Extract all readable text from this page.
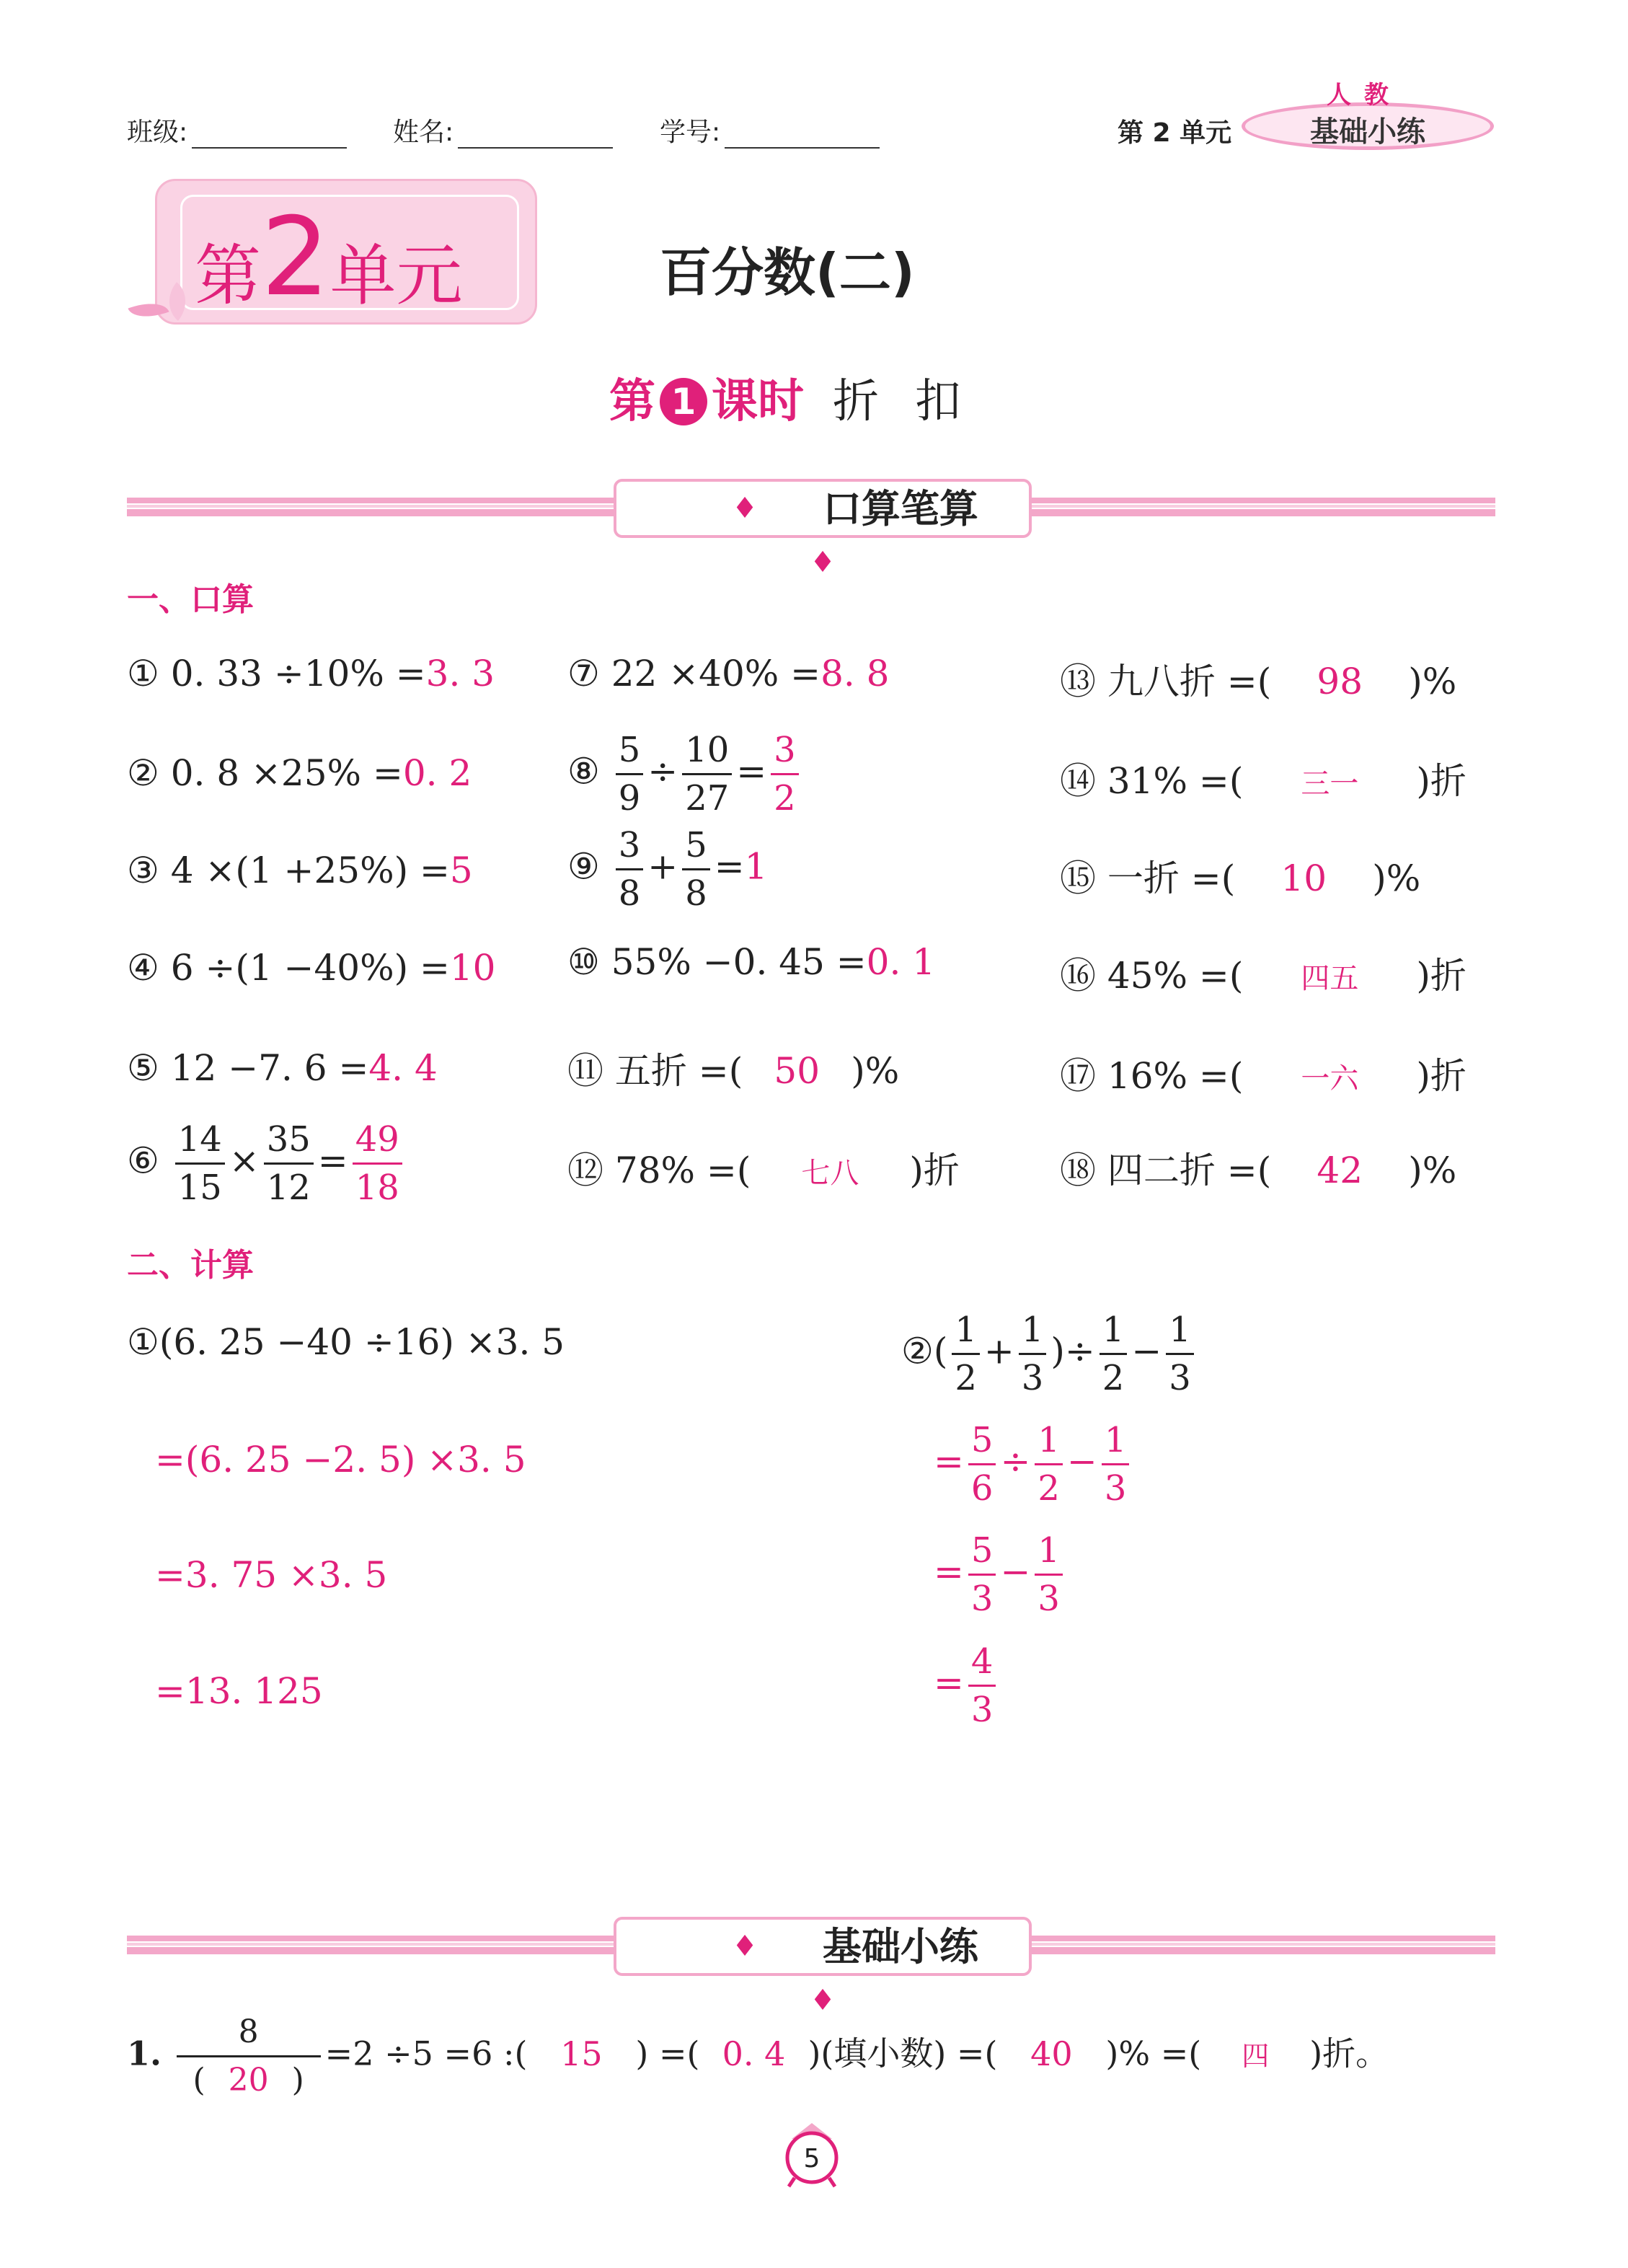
班级:	姓名:	学号:	第 2 单元
人教
基础小练
第2单元	百分数(二)
第 1 课时 折扣
♦ 口算笔算♦
一、口算
① 0. 33 ÷10% =3. 3
② 0. 8 ×25% =0. 2
③ 4 ×(1 +25%) =5
④ 6 ÷(1 −40%) =10
⑤ 12 −7. 6 =4. 4
⑥ $\frac{14}{15} \times \frac{35}{12} = \frac{49}{18}$
⑦ 22 ×40% =8. 8
⑧ $\frac{5}{9} \div \frac{10}{27} = \frac{3}{2}$
⑨ $\frac{3}{8} + \frac{5}{8} =1$
⑩ 55% −0. 45 =0. 1
⑪ 五折 =( 50 )%
⑫ 78% =( 七八 )折
⑬ 九八折 =( 98 )%
⑭ 31% =( 三一 )折
⑮ 一折 =( 10 )%
⑯ 45% =( 四五 )折
⑰ 16% =( 一六 )折
⑱ 四二折 =( 42 )%
二、计算
①(6. 25 −40 ÷16) ×3. 5
=(6. 25 −2. 5) ×3. 5
=3. 75 ×3. 5
=13. 125
②( $\frac{1}{2} + \frac{1}{3}$ )÷ $\frac{1}{2} - \frac{1}{3}$
= $\frac{5}{6} \div \frac{1}{2} - \frac{1}{3}$
= $\frac{5}{3} - \frac{1}{3}$
= $\frac{4}{3}$
♦ 基础小练♦
1. $\frac{8}{( 20 )} =2 \div 5 =6$ :( 15 ) =( 0. 4 )(填小数) =( 40 )% =( 四 )折。
5
